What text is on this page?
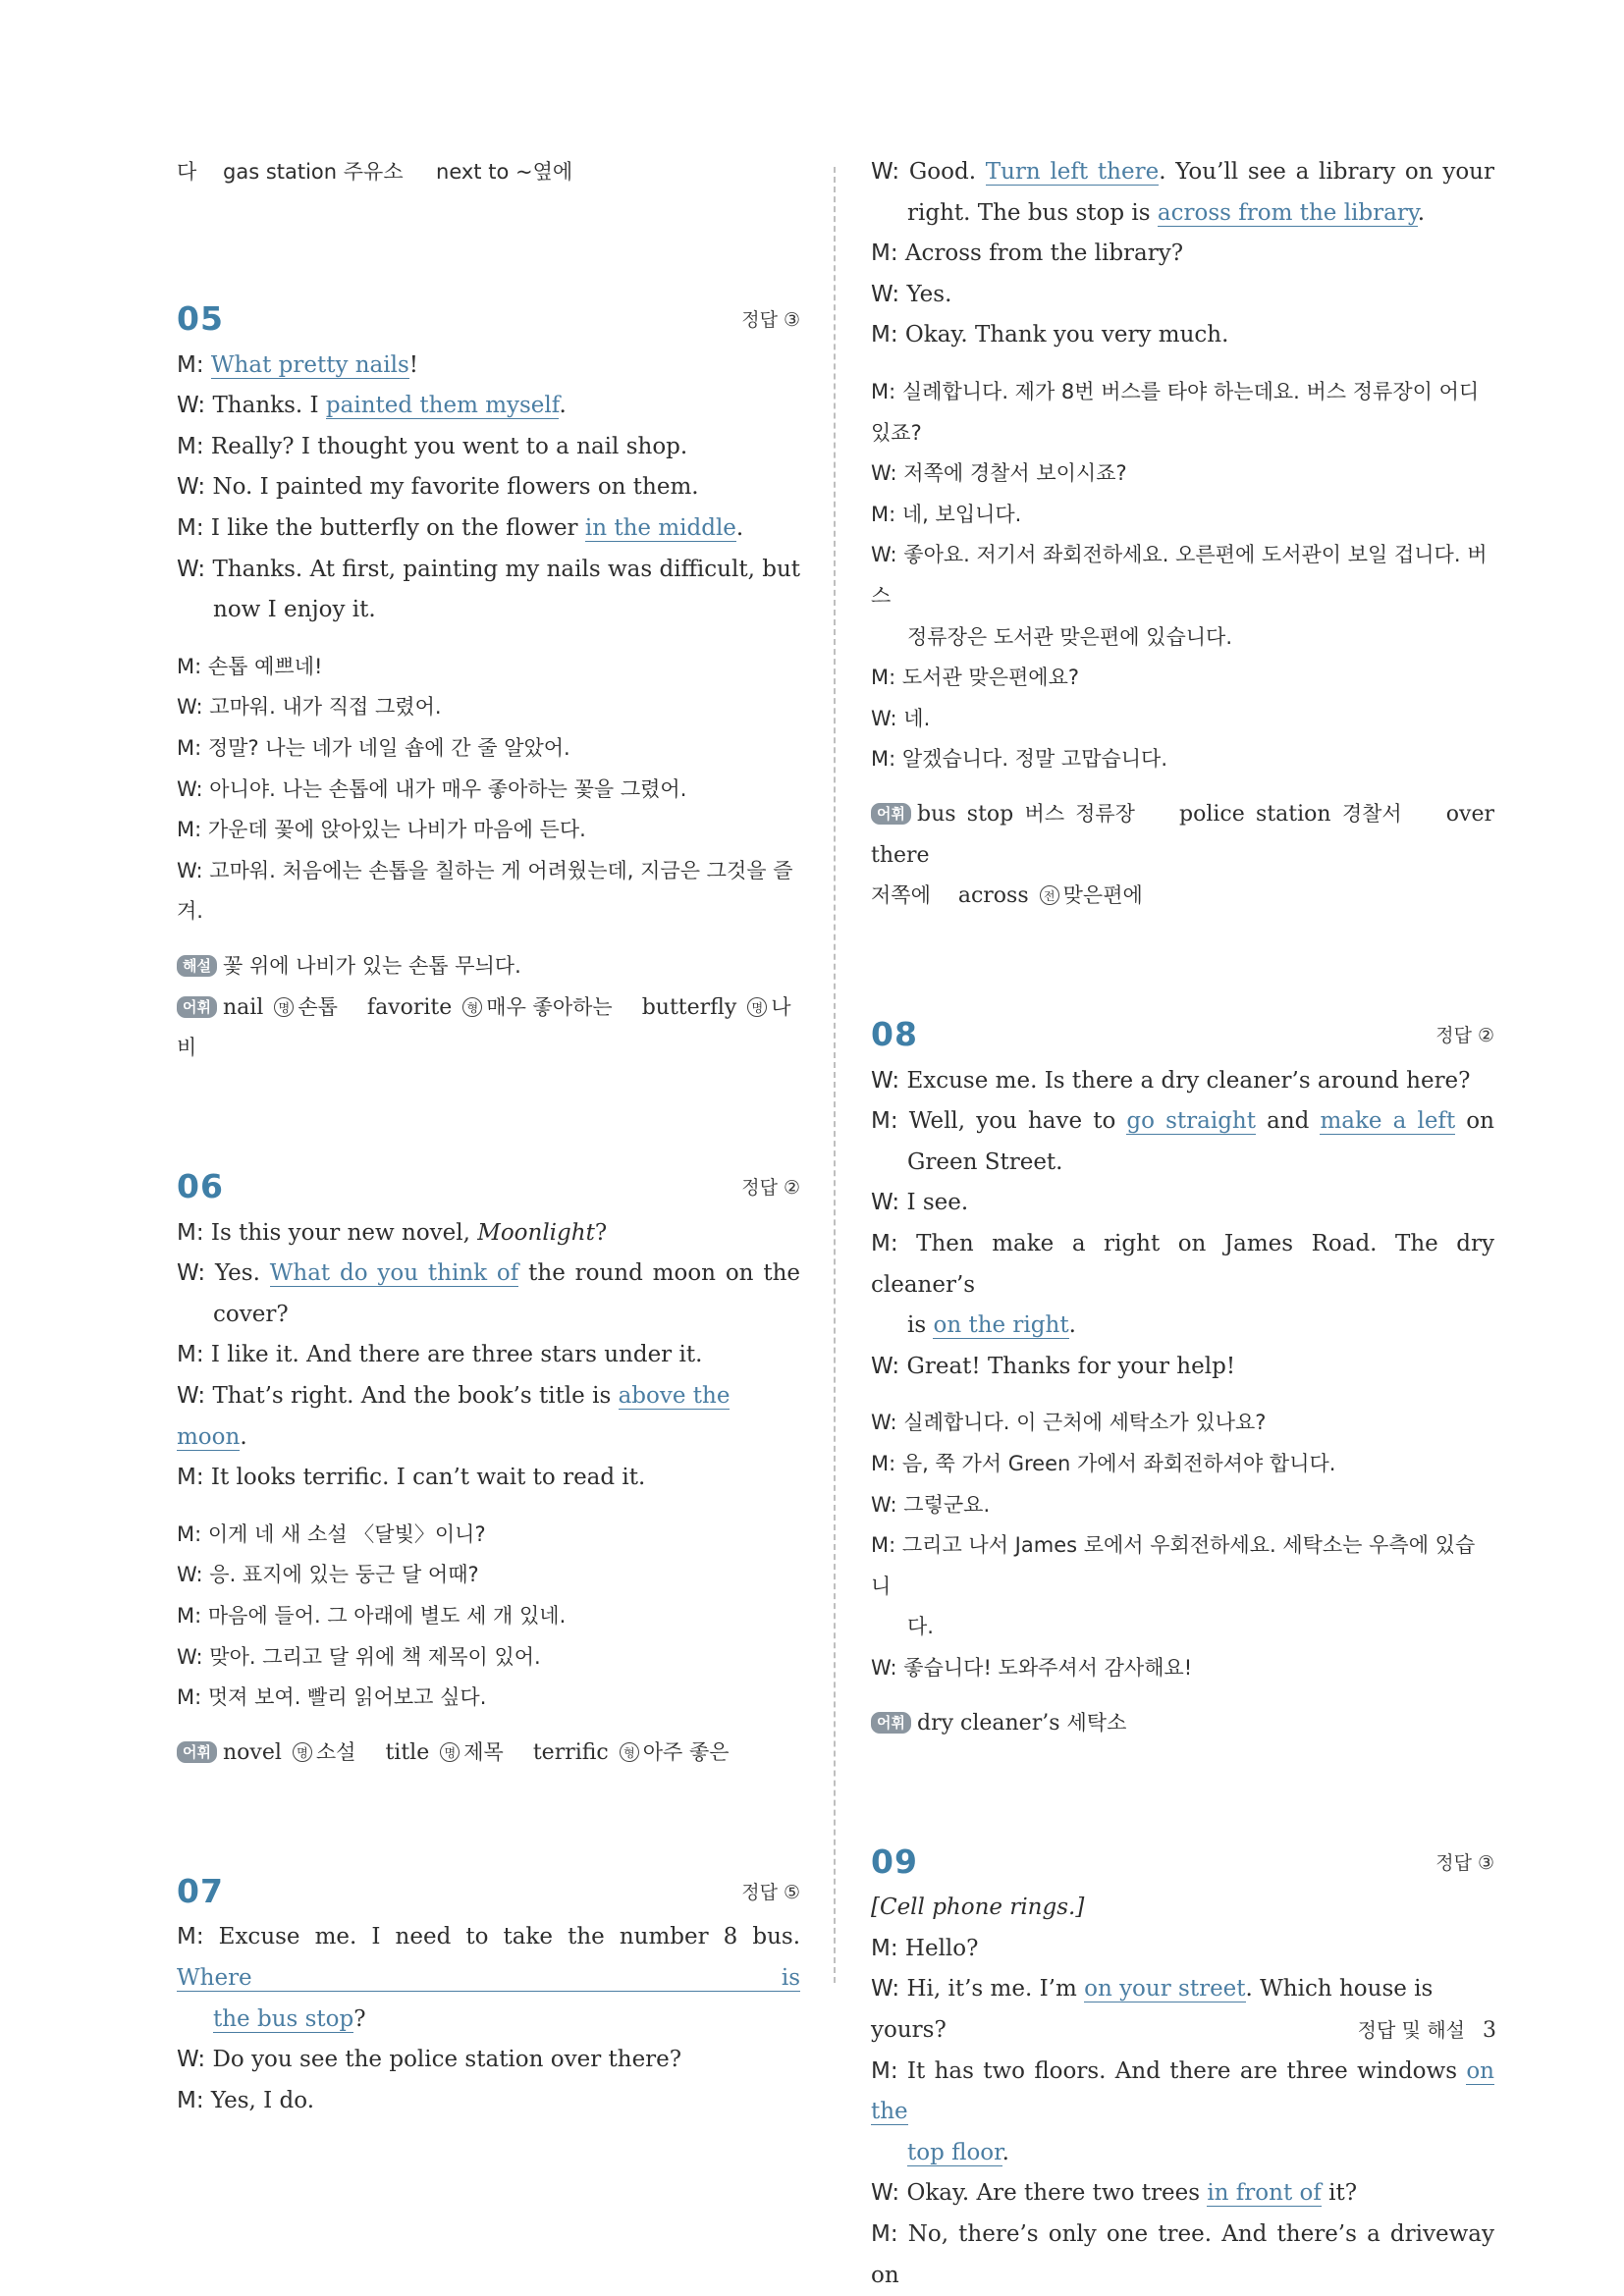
다 gas station 주유소 next to ~옆에
05	정답 ③
M: What pretty nails!
W: Thanks. I painted them myself.
M: Really? I thought you went to a nail shop.
W: No. I painted my favorite flowers on them.
M: I like the butterfly on the flower in the middle.
W: Thanks. At first, painting my nails was difficult, but
now I enjoy it.
M: 손톱 예쁘네!
W: 고마워. 내가 직접 그렸어.
M: 정말? 나는 네가 네일 숍에 간 줄 알았어.
W: 아니야. 나는 손톱에 내가 매우 좋아하는 꽃을 그렸어.
M: 가운데 꽃에 앉아있는 나비가 마음에 든다.
W: 고마워. 처음에는 손톱을 칠하는 게 어려웠는데, 지금은 그것을 즐겨.
해설 꽃 위에 나비가 있는 손톱 무늬다.
어휘 nail 명 손톱 favorite 형 매우 좋아하는 butterfly 명 나비
06	정답 ②
M: Is this your new novel, Moonlight?
W: Yes. What do you think of the round moon on the
cover?
M: I like it. And there are three stars under it.
W: That’s right. And the book’s title is above the moon.
M: It looks terrific. I can’t wait to read it.
M: 이게 네 새 소설 〈달빛〉이니?
W: 응. 표지에 있는 둥근 달 어때?
M: 마음에 들어. 그 아래에 별도 세 개 있네.
W: 맞아. 그리고 달 위에 책 제목이 있어.
M: 멋져 보여. 빨리 읽어보고 싶다.
어휘 novel 명 소설 title 명 제목 terrific 형 아주 좋은
07	정답 ⑤
M: Excuse me. I need to take the number 8 bus. Where is
the bus stop?
W: Do you see the police station over there?
M: Yes, I do.
W: Good. Turn left there. You’ll see a library on your
right. The bus stop is across from the library.
M: Across from the library?
W: Yes.
M: Okay. Thank you very much.
M: 실례합니다. 제가 8번 버스를 타야 하는데요. 버스 정류장이 어디 있죠?
W: 저쪽에 경찰서 보이시죠?
M: 네, 보입니다.
W: 좋아요. 저기서 좌회전하세요. 오른편에 도서관이 보일 겁니다. 버스
정류장은 도서관 맞은편에 있습니다.
M: 도서관 맞은편에요?
W: 네.
M: 알겠습니다. 정말 고맙습니다.
어휘 bus stop 버스 정류장 police station 경찰서 over there
저쪽에 across 전 맞은편에
08	정답 ②
W: Excuse me. Is there a dry cleaner’s around here?
M: Well, you have to go straight and make a left on
Green Street.
W: I see.
M: Then make a right on James Road. The dry cleaner’s
is on the right.
W: Great! Thanks for your help!
W: 실례합니다. 이 근처에 세탁소가 있나요?
M: 음, 쭉 가서 Green 가에서 좌회전하셔야 합니다.
W: 그렇군요.
M: 그리고 나서 James 로에서 우회전하세요. 세탁소는 우측에 있습니
다.
W: 좋습니다! 도와주셔서 감사해요!
어휘 dry cleaner’s 세탁소
09	정답 ③
[Cell phone rings.]
M: Hello?
W: Hi, it’s me. I’m on your street. Which house is yours?
M: It has two floors. And there are three windows on the
top floor.
W: Okay. Are there two trees in front of it?
M: No, there’s only one tree. And there’s a driveway on
정답 및 해설 3
